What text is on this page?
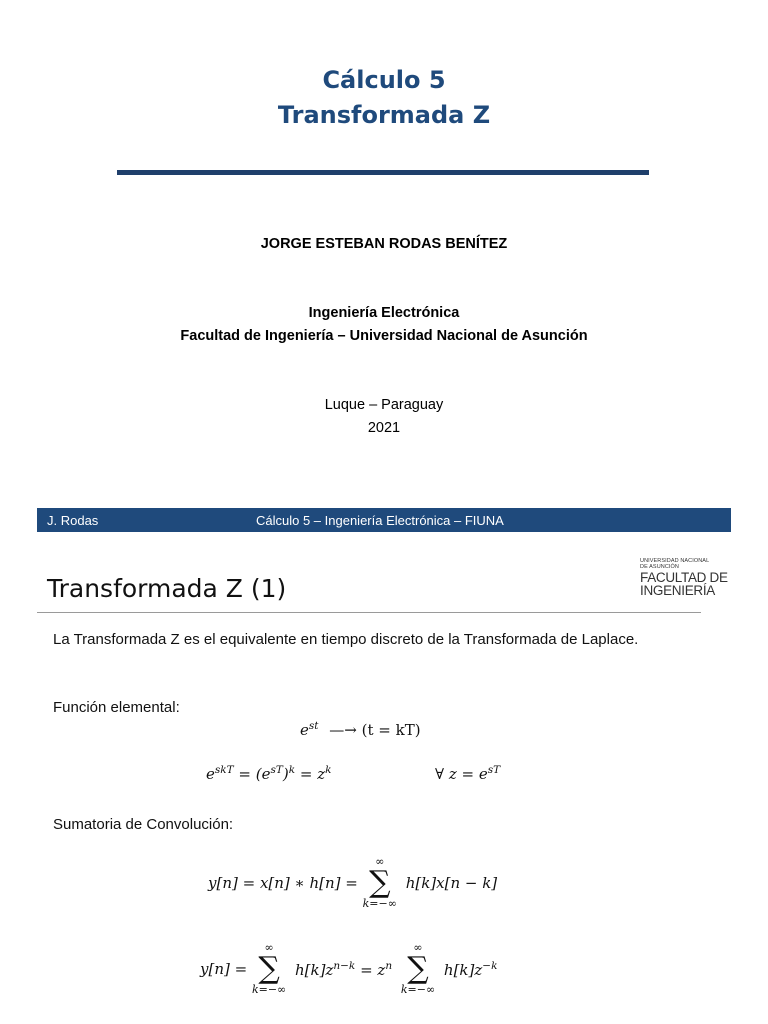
Cálculo 5
Transformada Z
JORGE ESTEBAN RODAS BENÍTEZ
Ingeniería Electrónica
Facultad de Ingeniería – Universidad Nacional de Asunción
Luque – Paraguay
2021
J. Rodas	Cálculo 5 – Ingeniería Electrónica – FIUNA
Transformada Z (1)
UNIVERSIDAD NACIONAL
DE ASUNCIÓN
FACULTAD DE
INGENIERÍA
La Transformada Z es el equivalente en tiempo discreto de la Transformada de Laplace.
Función elemental:
$e^{st}$ —→ (t = kT)
$e^{skT} = (e^{sT})^k = z^k$	∀ $z = e^{sT}$
Sumatoria de Convolución:
y[n] = x[n] ∗ h[n] =
∞
∑
k=−∞
h[k]x[n − k]
y[n] =
∞
∑
k=−∞
$h[k]z^{n-k} = z^n$
∞
∑
k=−∞
$h[k]z^{-k}$
